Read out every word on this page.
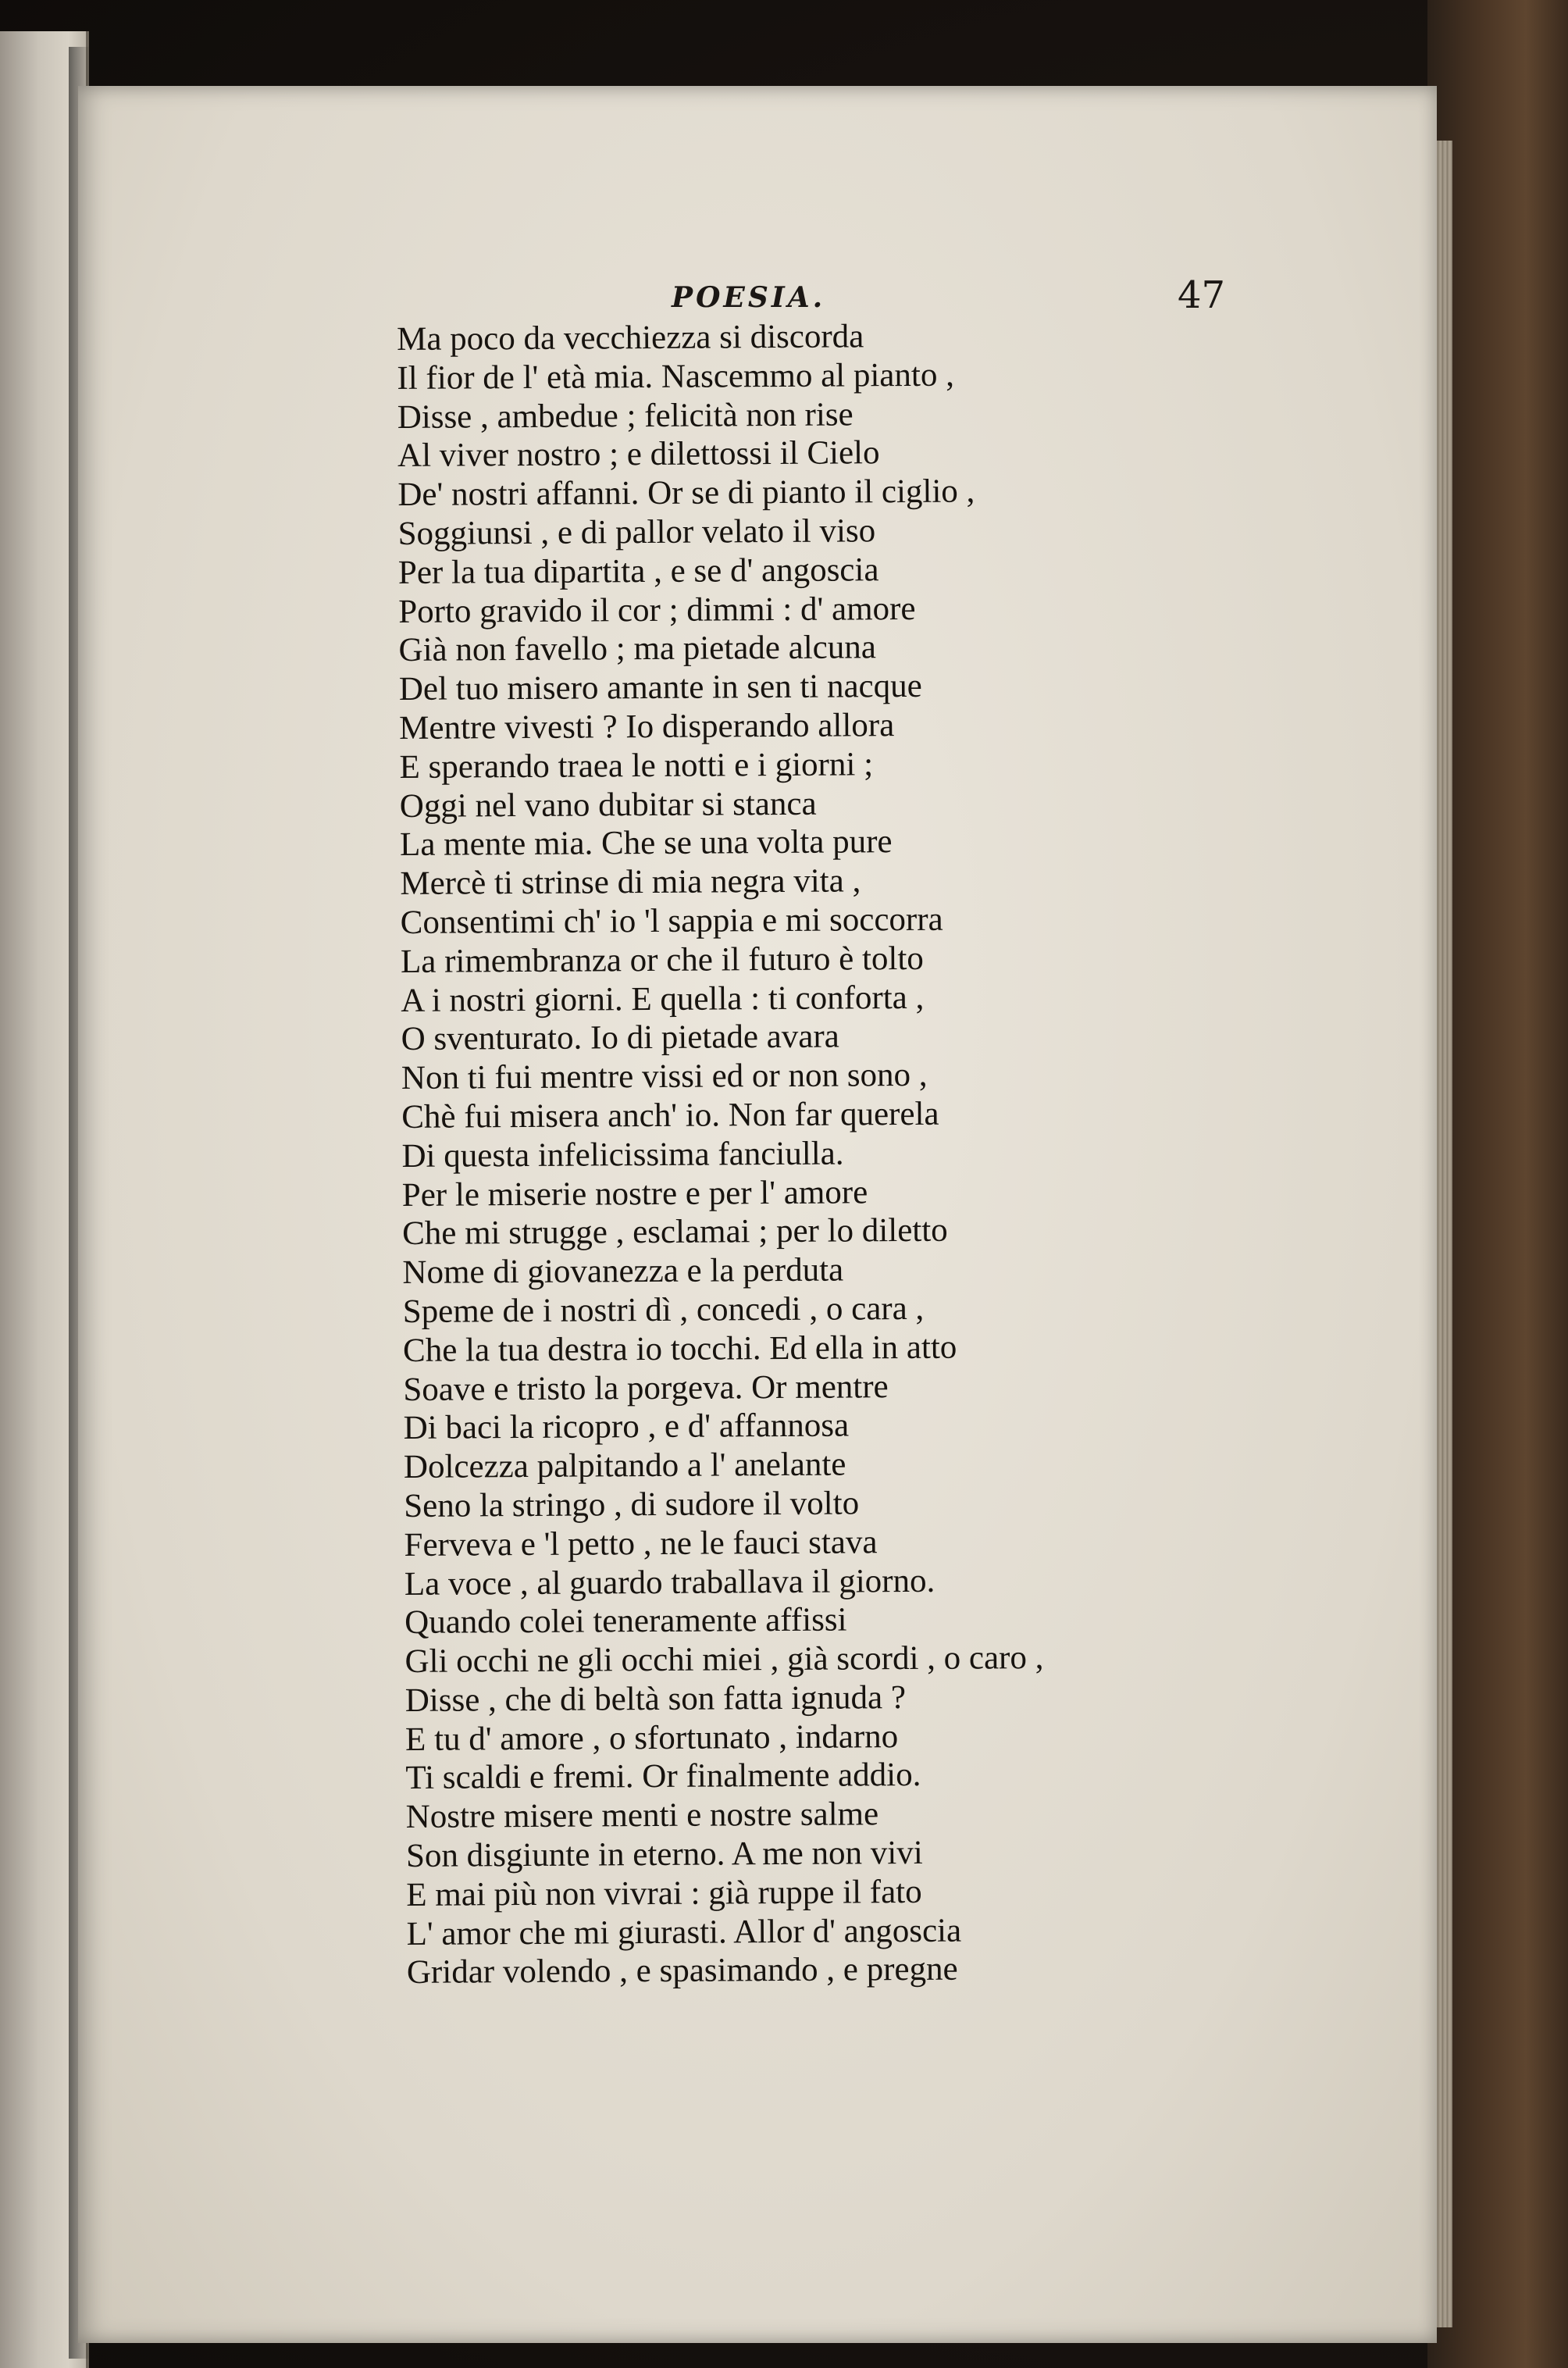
POESIA.	47
Ma poco da vecchiezza si discorda
Il fior de l' età mia. Nascemmo al pianto ,
Disse , ambedue ; felicità non rise
Al viver nostro ; e dilettossi il Cielo
De' nostri affanni. Or se di pianto il ciglio ,
Soggiunsi , e di pallor velato il viso
Per la tua dipartita , e se d' angoscia
Porto gravido il cor ; dimmi : d' amore
Già non favello ; ma pietade alcuna
Del tuo misero amante in sen ti nacque
Mentre vivesti ? Io disperando allora
E sperando traea le notti e i giorni ;
Oggi nel vano dubitar si stanca
La mente mia. Che se una volta pure
Mercè ti strinse di mia negra vita ,
Consentimi ch' io 'l sappia e mi soccorra
La rimembranza or che il futuro è tolto
A i nostri giorni. E quella : ti conforta ,
O sventurato. Io di pietade avara
Non ti fui mentre vissi ed or non sono ,
Chè fui misera anch' io. Non far querela
Di questa infelicissima fanciulla.
Per le miserie nostre e per l' amore
Che mi strugge , esclamai ; per lo diletto
Nome di giovanezza e la perduta
Speme de i nostri dì , concedi , o cara ,
Che la tua destra io tocchi. Ed ella in atto
Soave e tristo la porgeva. Or mentre
Di baci la ricopro , e d' affannosa
Dolcezza palpitando a l' anelante
Seno la stringo , di sudore il volto
Ferveva e 'l petto , ne le fauci stava
La voce , al guardo traballava il giorno.
Quando colei teneramente affissi
Gli occhi ne gli occhi miei , già scordi , o caro ,
Disse , che di beltà son fatta ignuda ?
E tu d' amore , o sfortunato , indarno
Ti scaldi e fremi. Or finalmente addio.
Nostre misere menti e nostre salme
Son disgiunte in eterno. A me non vivi
E mai più non vivrai : già ruppe il fato
L' amor che mi giurasti. Allor d' angoscia
Gridar volendo , e spasimando , e pregne
